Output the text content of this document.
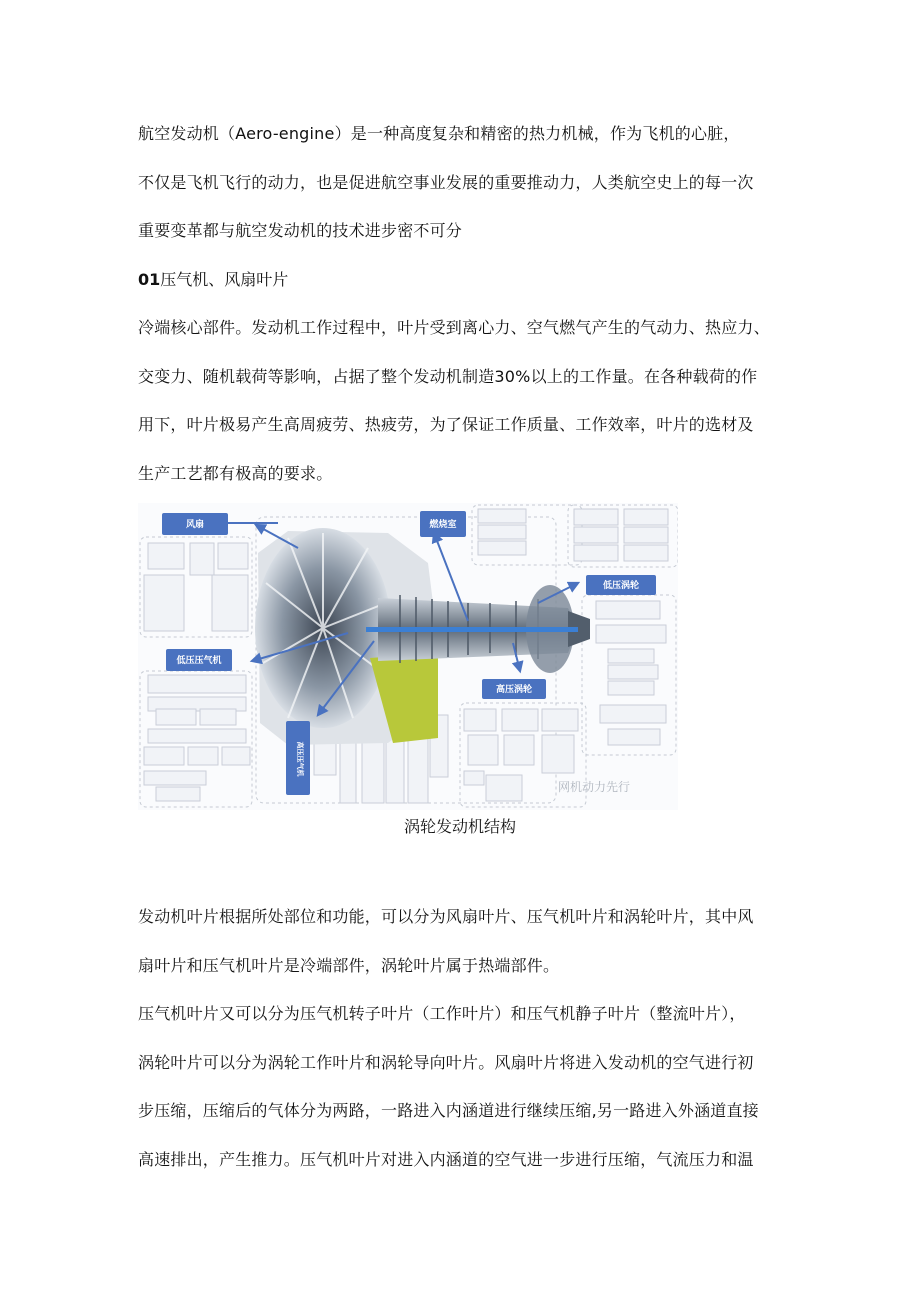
航空发动机（Aero-engine）是一种高度复杂和精密的热力机械，作为飞机的心脏，
不仅是飞机飞行的动力，也是促进航空事业发展的重要推动力，人类航空史上的每一次
重要变革都与航空发动机的技术进步密不可分
01压气机、风扇叶片
冷端核心部件。发动机工作过程中，叶片受到离心力、空气燃气产生的气动力、热应力、
交变力、随机载荷等影响，占据了整个发动机制造30%以上的工作量。在各种载荷的作
用下，叶片极易产生高周疲劳、热疲劳，为了保证工作质量、工作效率，叶片的选材及
生产工艺都有极高的要求。
风扇	燃烧室
低压涡轮
低压压气机
高压涡轮
高压压气机
网机动力先行
涡轮发动机结构
发动机叶片根据所处部位和功能，可以分为风扇叶片、压气机叶片和涡轮叶片，其中风
扇叶片和压气机叶片是冷端部件，涡轮叶片属于热端部件。
压气机叶片又可以分为压气机转子叶片（工作叶片）和压气机静子叶片（整流叶片），
涡轮叶片可以分为涡轮工作叶片和涡轮导向叶片。风扇叶片将进入发动机的空气进行初
步压缩，压缩后的气体分为两路，一路进入内涵道进行继续压缩,另一路进入外涵道直接
高速排出，产生推力。压气机叶片对进入内涵道的空气进一步进行压缩，气流压力和温
